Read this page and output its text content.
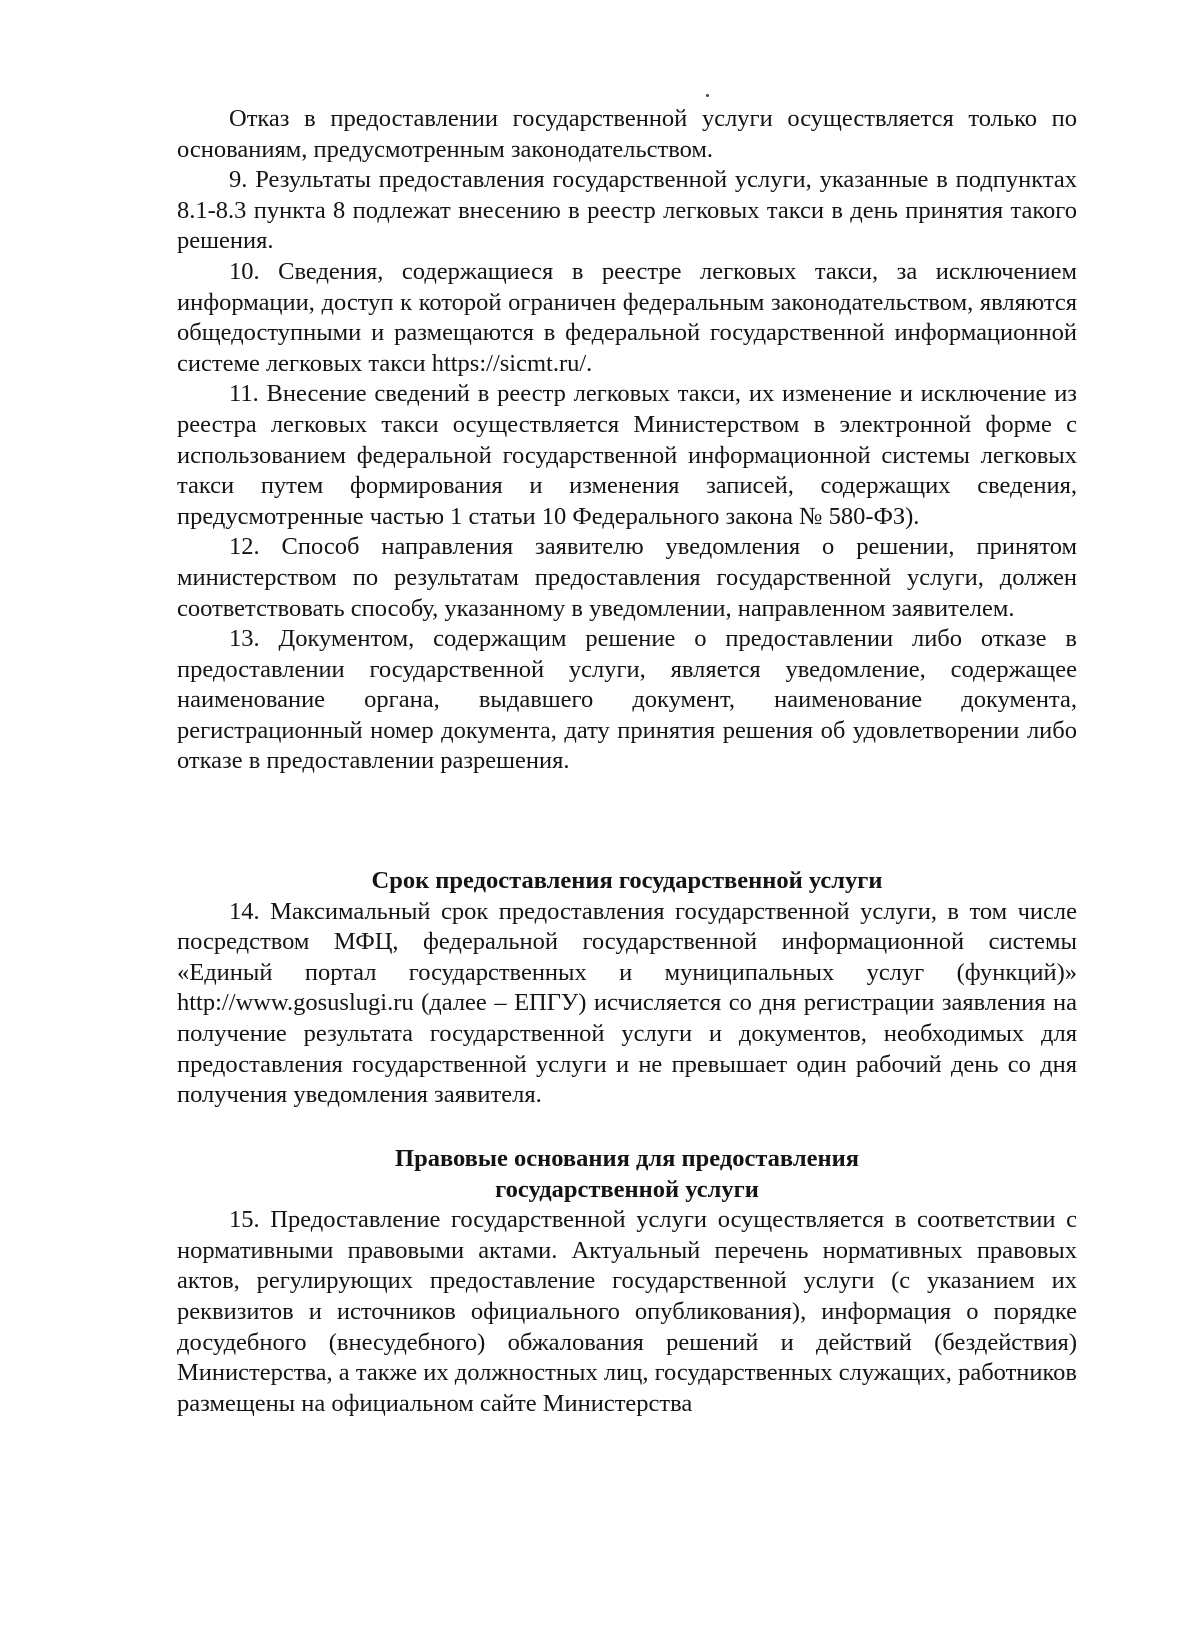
Отказ в предоставлении государственной услуги осуществляется только по основаниям, предусмотренным законодательством.

9. Результаты предоставления государственной услуги, указанные в подпунктах 8.1-8.3 пункта 8 подлежат внесению в реестр легковых такси в день принятия такого решения.

10. Сведения, содержащиеся в реестре легковых такси, за исключением информации, доступ к которой ограничен федеральным законодательством, являются общедоступными и размещаются в федеральной государственной информационной системе легковых такси https://sicmt.ru/.

11. Внесение сведений в реестр легковых такси, их изменение и исключение из реестра легковых такси осуществляется Министерством в электронной форме с использованием федеральной государственной информационной системы легковых такси путем формирования и изменения записей, содержащих сведения, предусмотренные частью 1 статьи 10 Федерального закона № 580-ФЗ).

12. Способ направления заявителю уведомления о решении, принятом министерством по результатам предоставления государственной услуги, должен соответствовать способу, указанному в уведомлении, направленном заявителем.

13. Документом, содержащим решение о предоставлении либо отказе в предоставлении государственной услуги, является уведомление, содержащее наименование органа, выдавшего документ, наименование документа, регистрационный номер документа, дату принятия решения об удовлетворении либо отказе в предоставлении разрешения.

Срок предоставления государственной услуги

14. Максимальный срок предоставления государственной услуги, в том числе посредством МФЦ, федеральной государственной информационной системы «Единый портал государственных и муниципальных услуг (функций)» http://www.gosuslugi.ru (далее – ЕПГУ) исчисляется со дня регистрации заявления на получение результата государственной услуги и документов, необходимых для предоставления государственной услуги и не превышает один рабочий день со дня получения уведомления заявителя.

Правовые основания для предоставления
государственной услуги

15. Предоставление государственной услуги осуществляется в соответствии с нормативными правовыми актами. Актуальный перечень нормативных правовых актов, регулирующих предоставление государственной услуги (с указанием их реквизитов и источников официального опубликования), информация о порядке досудебного (внесудебного) обжалования решений и действий (бездействия) Министерства, а также их должностных лиц, государственных служащих, работников размещены на официальном сайте Министерства
